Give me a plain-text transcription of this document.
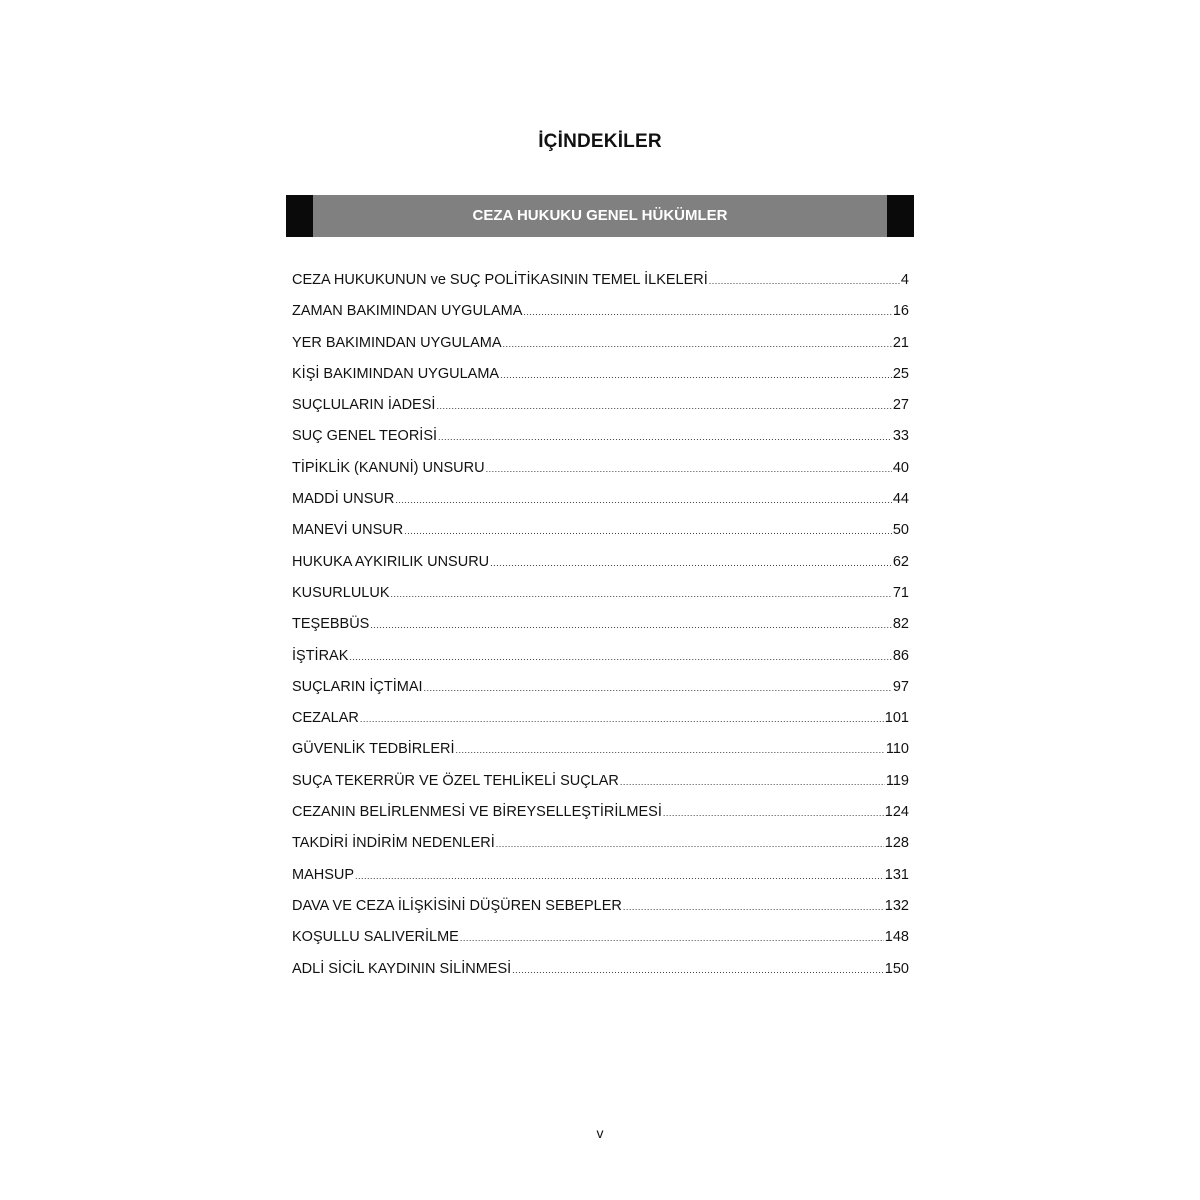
İÇİNDEKİLER
CEZA HUKUKU GENEL HÜKÜMLER
CEZA HUKUKUNUN ve SUÇ POLİTİKASININ TEMEL İLKELERİ .....	4
ZAMAN BAKIMINDAN UYGULAMA .....	16
YER BAKIMINDAN UYGULAMA .....	21
KİŞİ BAKIMINDAN UYGULAMA .....	25
SUÇLULARIN İADESİ .....	27
SUÇ GENEL TEORİSİ .....	33
TİPİKLİK (KANUNİ) UNSURU .....	40
MADDİ UNSUR .....	44
MANEVİ UNSUR .....	50
HUKUKA AYKIRILIK UNSURU .....	62
KUSURLULUK .....	71
TEŞEBBÜS .....	82
İŞTİRAK .....	86
SUÇLARIN İÇTİMAI .....	97
CEZALAR .....	101
GÜVENLİK TEDBİRLERİ .....	110
SUÇA TEKERRÜR VE ÖZEL TEHLİKELİ SUÇLAR .....	119
CEZANIN BELİRLENMESİ VE BİREYSELLEŞTİRİLMESİ .....	124
TAKDİRİ İNDİRİM NEDENLERİ .....	128
MAHSUP .....	131
DAVA VE CEZA İLİŞKİSİNİ DÜŞÜREN SEBEPLER .....	132
KOŞULLU SALIVERİLME .....	148
ADLİ SİCİL KAYDININ SİLİNMESİ .....	150
v
